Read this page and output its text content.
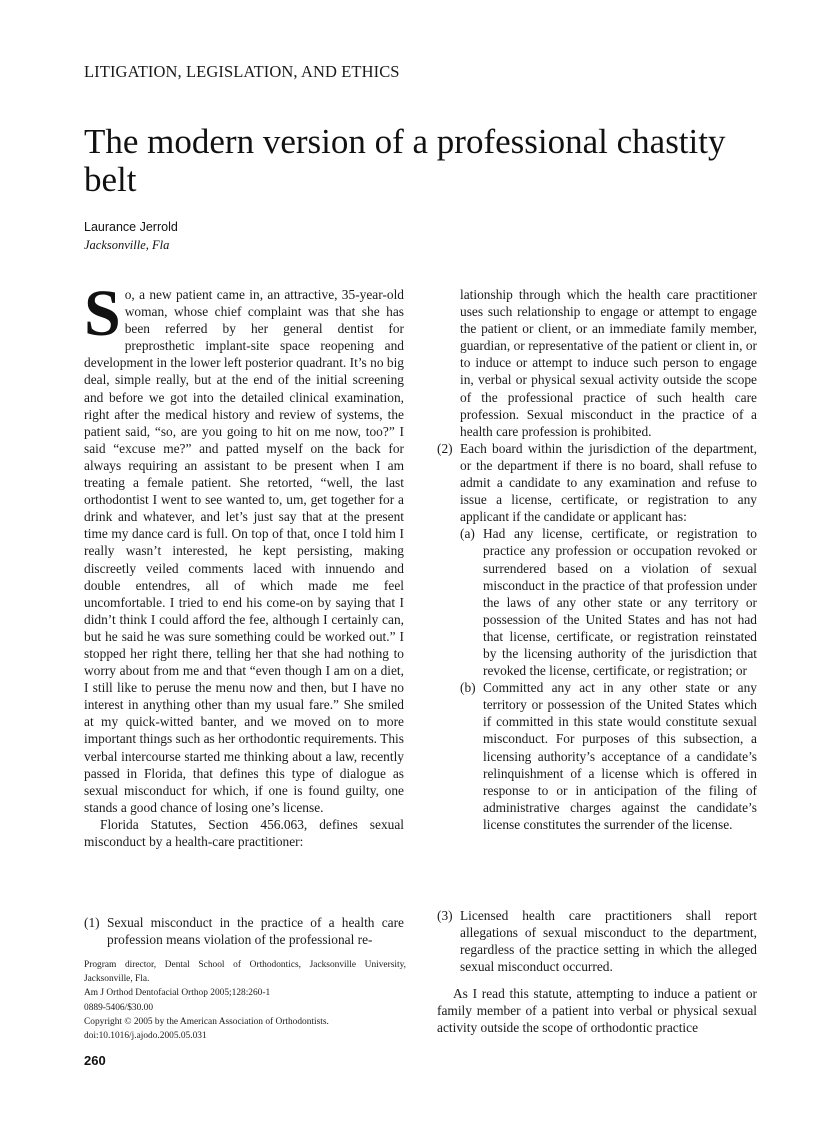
LITIGATION, LEGISLATION, AND ETHICS
The modern version of a professional chastity belt
Laurance Jerrold
Jacksonville, Fla

So, a new patient came in, an attractive, 35-year-old woman, whose chief complaint was that she has been referred by her general dentist for preprosthetic implant-site space reopening and development in the lower left posterior quadrant. It’s no big deal, simple really, but at the end of the initial screening and before we got into the detailed clinical examination, right after the medical history and review of systems, the patient said, “so, are you going to hit on me now, too?” I said “excuse me?” and patted myself on the back for always requiring an assistant to be present when I am treating a female patient. She retorted, “well, the last orthodontist I went to see wanted to, um, get together for a drink and whatever, and let’s just say that at the present time my dance card is full. On top of that, once I told him I really wasn’t interested, he kept persisting, making discreetly veiled comments laced with innuendo and double entendres, all of which made me feel uncomfortable. I tried to end his come-on by saying that I didn’t think I could afford the fee, although I certainly can, but he said he was sure something could be worked out.” I stopped her right there, telling her that she had nothing to worry about from me and that “even though I am on a diet, I still like to peruse the menu now and then, but I have no interest in anything other than my usual fare.” She smiled at my quick-witted banter, and we moved on to more important things such as her orthodontic requirements. This verbal intercourse started me thinking about a law, recently passed in Florida, that defines this type of dialogue as sexual misconduct for which, if one is found guilty, one stands a good chance of losing one’s license.

Florida Statutes, Section 456.063, defines sexual misconduct by a health-care practitioner:

(1) Sexual misconduct in the practice of a health care profession means violation of the professional re-
Program director, Dental School of Orthodontics, Jacksonville University,
Jacksonville, Fla.
Am J Orthod Dentofacial Orthop 2005;128:260-1
0889-5406/$30.00
Copyright © 2005 by the American Association of Orthodontists.
doi:10.1016/j.ajodo.2005.05.031
260

lationship through which the health care practitioner uses such relationship to engage or attempt to engage the patient or client, or an immediate family member, guardian, or representative of the patient or client in, or to induce or attempt to induce such person to engage in, verbal or physical sexual activity outside the scope of the professional practice of such health care profession. Sexual misconduct in the practice of a health care profession is prohibited.

(2) Each board within the jurisdiction of the department, or the department if there is no board, shall refuse to admit a candidate to any examination and refuse to issue a license, certificate, or registration to any applicant if the candidate or applicant has:
(a) Had any license, certificate, or registration to practice any profession or occupation revoked or surrendered based on a violation of sexual misconduct in the practice of that profession under the laws of any other state or any territory or possession of the United States and has not had that license, certificate, or registration reinstated by the licensing authority of the jurisdiction that revoked the license, certificate, or registration; or
(b) Committed any act in any other state or any territory or possession of the United States which if committed in this state would constitute sexual misconduct. For purposes of this subsection, a licensing authority’s acceptance of a candidate’s relinquishment of a license which is offered in response to or in anticipation of the filing of administrative charges against the candidate’s license constitutes the surrender of the license.
(3) Licensed health care practitioners shall report allegations of sexual misconduct to the department, regardless of the practice setting in which the alleged sexual misconduct occurred.

As I read this statute, attempting to induce a patient or family member of a patient into verbal or physical sexual activity outside the scope of orthodontic practice
